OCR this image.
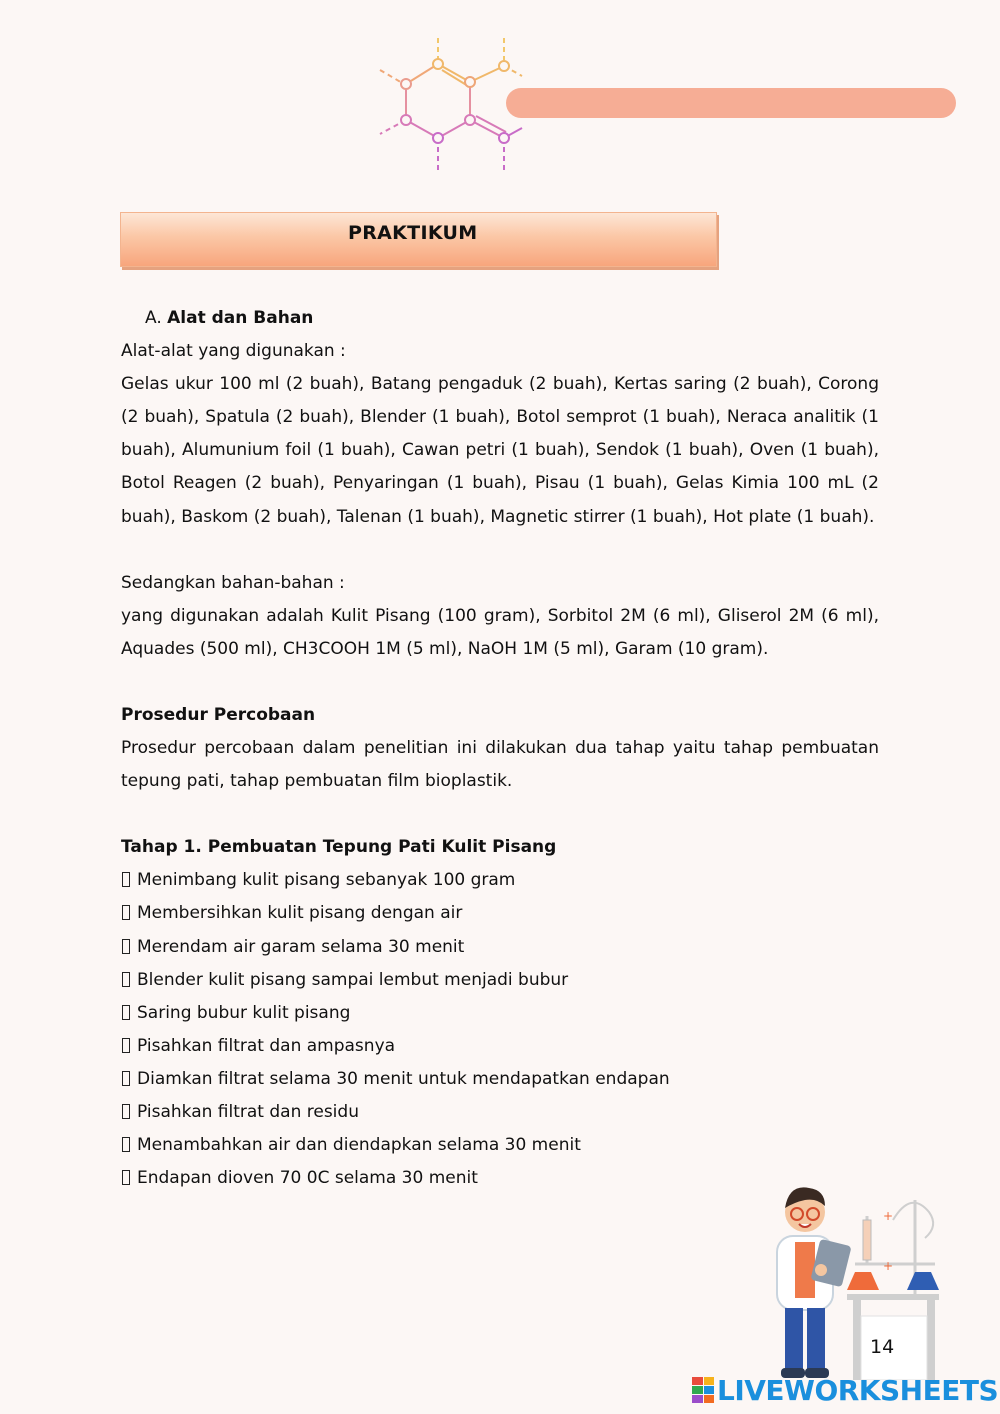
PRAKTIKUM

A. Alat dan Bahan

Alat-alat yang digunakan :

Gelas ukur 100 ml (2 buah), Batang pengaduk (2 buah), Kertas saring (2 buah), Corong (2 buah), Spatula (2 buah), Blender (1 buah), Botol semprot (1 buah), Neraca analitik (1 buah), Alumunium foil (1 buah), Cawan petri (1 buah), Sendok (1 buah), Oven (1 buah), Botol Reagen (2 buah), Penyaringan (1 buah), Pisau (1 buah), Gelas Kimia 100 mL (2 buah), Baskom (2 buah), Talenan (1 buah), Magnetic stirrer (1 buah), Hot plate (1 buah).

Sedangkan bahan-bahan :

yang digunakan adalah Kulit Pisang (100 gram), Sorbitol 2M (6 ml), Gliserol 2M (6 ml), Aquades (500 ml), CH3COOH 1M (5 ml), NaOH 1M (5 ml), Garam (10 gram).

Prosedur Percobaan

Prosedur percobaan dalam penelitian ini dilakukan dua tahap yaitu tahap pembuatan tepung pati, tahap pembuatan film bioplastik.

Tahap 1. Pembuatan Tepung Pati Kulit Pisang

Menimbang kulit pisang sebanyak 100 gram

Membersihkan kulit pisang dengan air

Merendam air garam selama 30 menit

Blender kulit pisang sampai lembut menjadi bubur

Saring bubur kulit pisang

Pisahkan filtrat dan ampasnya

Diamkan filtrat selama 30 menit untuk mendapatkan endapan

Pisahkan filtrat dan residu

Menambahkan air dan diendapkan selama 30 menit

Endapan dioven 70 0C selama 30 menit

+
+
14
LIVEWORKSHEETS
